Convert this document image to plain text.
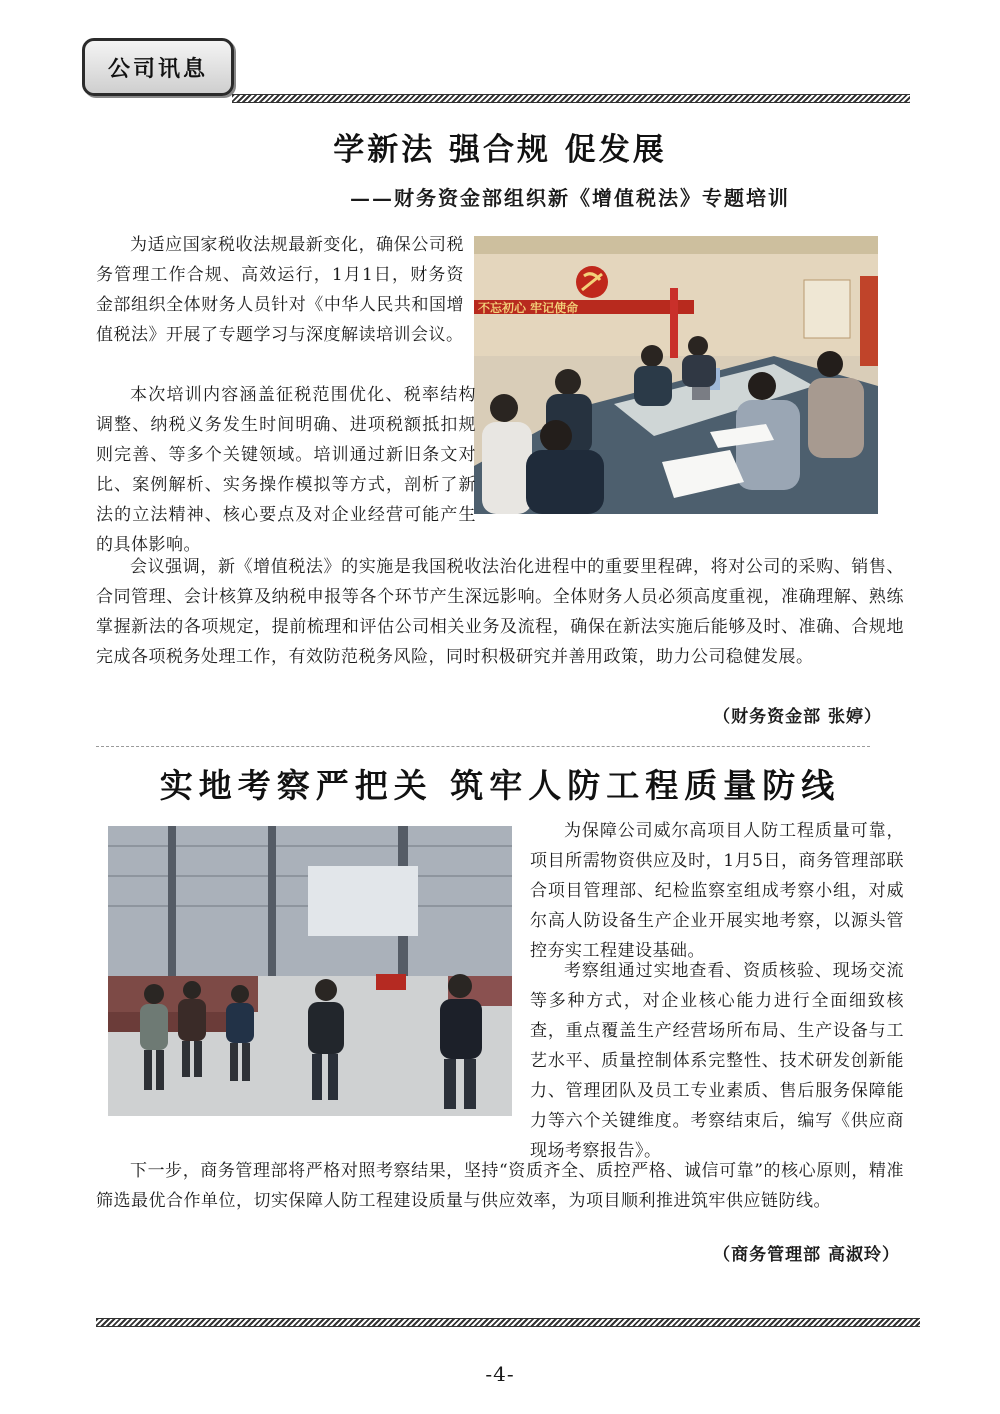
公司讯息
学新法 强合规 促发展
——财务资金部组织新《增值税法》专题培训
不忘初心 牢记使命

为适应国家税收法规最新变化，确保公司税务管理工作合规、高效运行，1月1日，财务资金部组织全体财务人员针对《中华人民共和国增值税法》开展了专题学习与深度解读培训会议。

本次培训内容涵盖征税范围优化、税率结构调整、纳税义务发生时间明确、进项税额抵扣规则完善、等多个关键领域。培训通过新旧条文对比、案例解析、实务操作模拟等方式，剖析了新法的立法精神、核心要点及对企业经营可能产生的具体影响。

会议强调，新《增值税法》的实施是我国税收法治化进程中的重要里程碑，将对公司的采购、销售、合同管理、会计核算及纳税申报等各个环节产生深远影响。全体财务人员必须高度重视，准确理解、熟练掌握新法的各项规定，提前梳理和评估公司相关业务及流程，确保在新法实施后能够及时、准确、合规地完成各项税务处理工作，有效防范税务风险，同时积极研究并善用政策，助力公司稳健发展。

（财务资金部 张婷）
实地考察严把关 筑牢人防工程质量防线

为保障公司威尔高项目人防工程质量可靠，项目所需物资供应及时，1月5日，商务管理部联合项目管理部、纪检监察室组成考察小组，对威尔高人防设备生产企业开展实地考察，以源头管控夯实工程建设基础。

考察组通过实地查看、资质核验、现场交流等多种方式，对企业核心能力进行全面细致核查，重点覆盖生产经营场所布局、生产设备与工艺水平、质量控制体系完整性、技术研发创新能力、管理团队及员工专业素质、售后服务保障能力等六个关键维度。考察结束后，编写《供应商现场考察报告》。

下一步，商务管理部将严格对照考察结果，坚持“资质齐全、质控严格、诚信可靠”的核心原则，精准筛选最优合作单位，切实保障人防工程建设质量与供应效率，为项目顺利推进筑牢供应链防线。

（商务管理部 高淑玲）
-4-
